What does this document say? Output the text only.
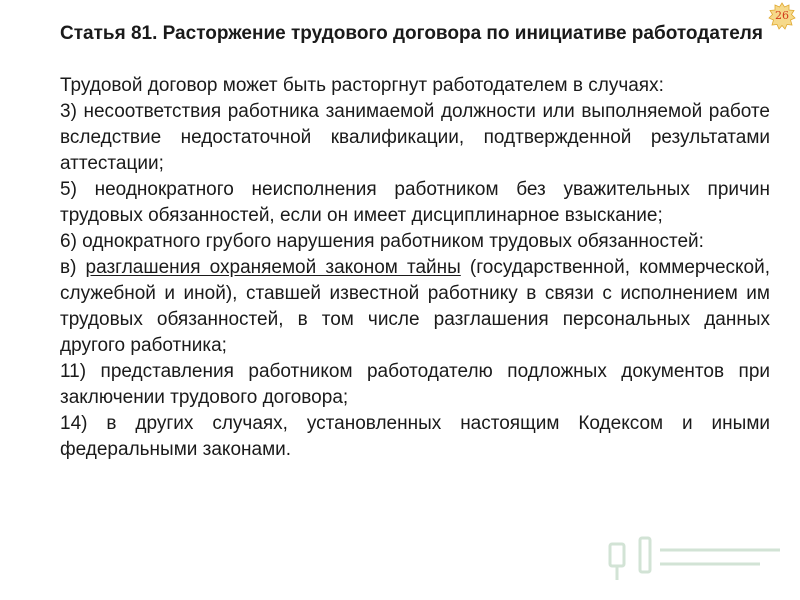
26

Статья 81. Расторжение трудового договора по инициативе работодателя

Трудовой договор может быть расторгнут работодателем в случаях:

3) несоответствия работника занимаемой должности или выполняемой работе вследствие недостаточной квалификации, подтвержденной результатами аттестации;

5) неоднократного неисполнения работником без уважительных причин трудовых обязанностей, если он имеет дисциплинарное взыскание;

6) однократного грубого нарушения работником трудовых обязанностей:

в) разглашения охраняемой законом тайны (государственной, коммерческой, служебной и иной), ставшей известной работнику в связи с исполнением им трудовых обязанностей, в том числе разглашения персональных данных другого работника;

11) представления работником работодателю подложных документов при заключении трудового договора;

14) в других случаях, установленных настоящим Кодексом и иными федеральными законами.
